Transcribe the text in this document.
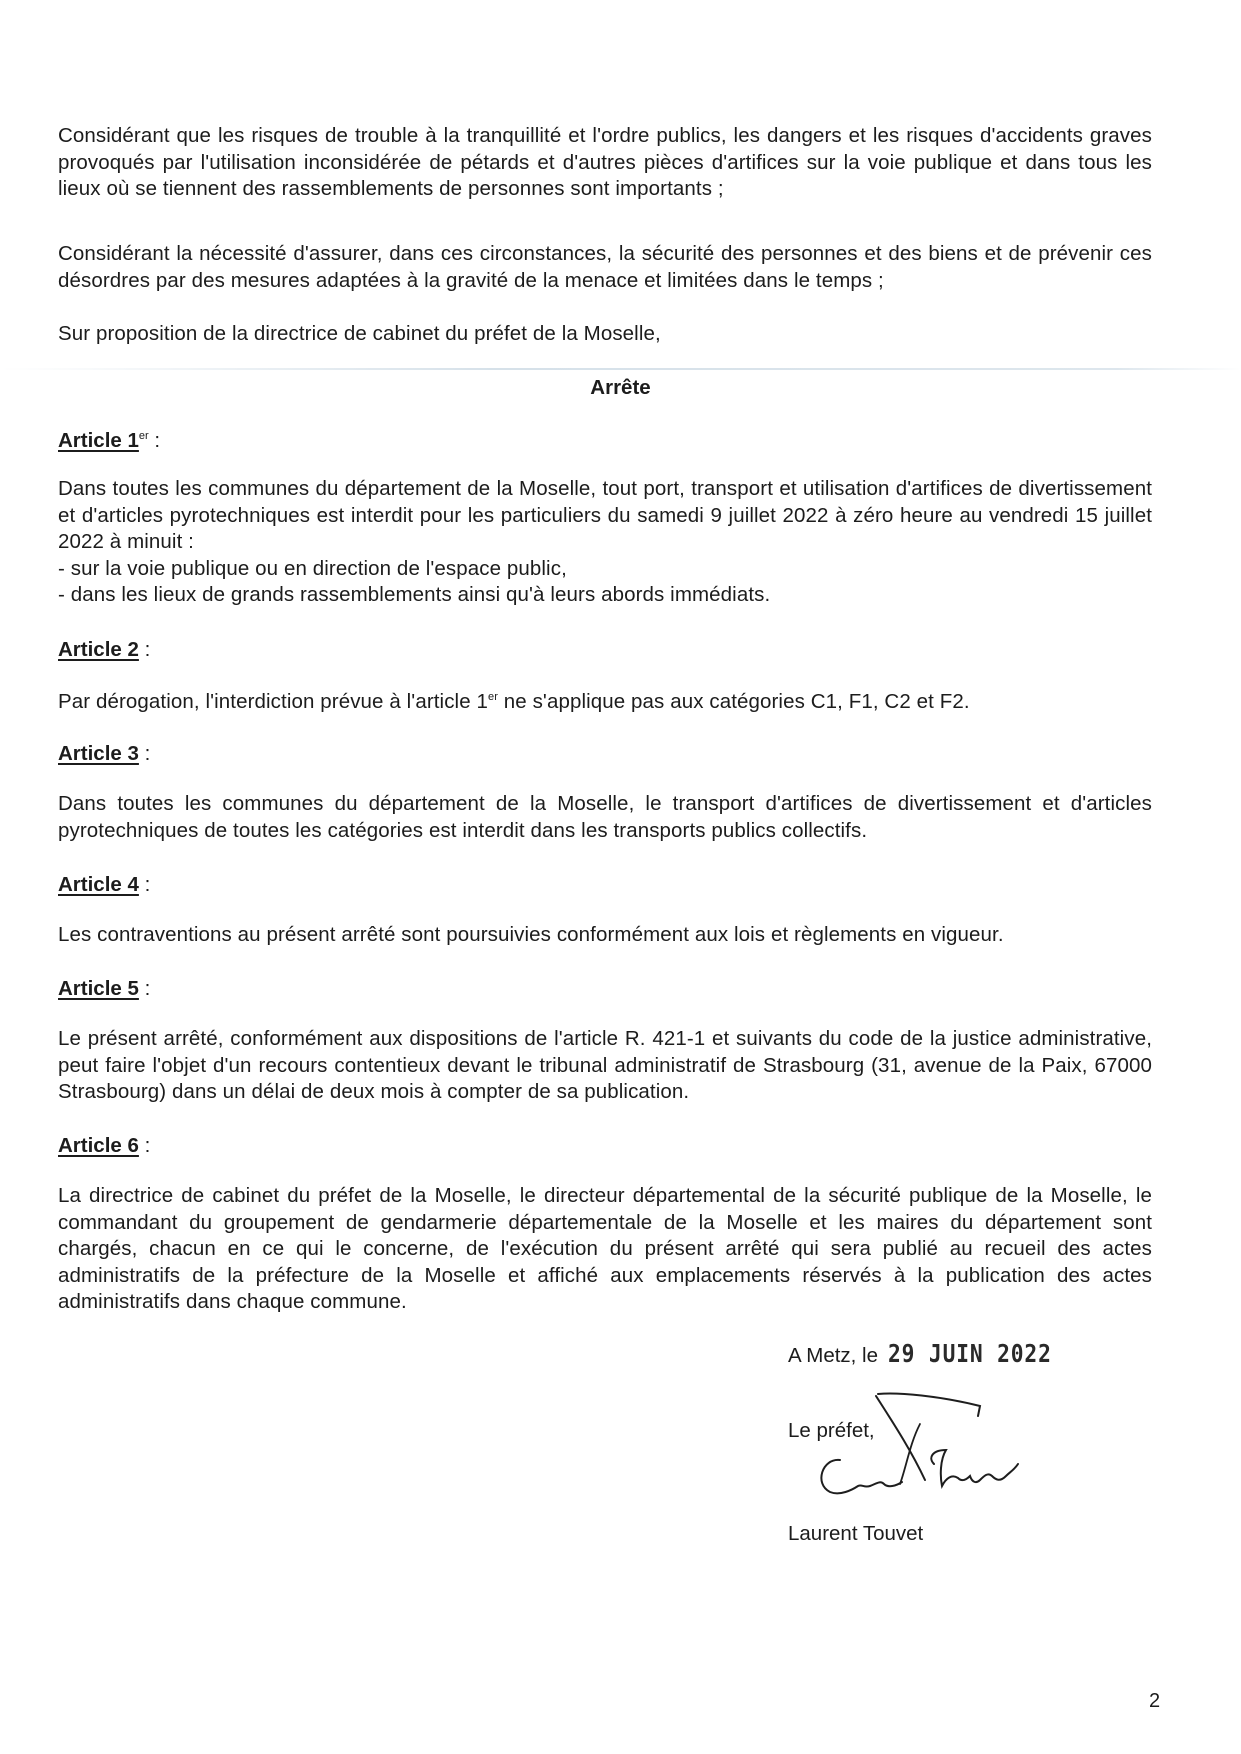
Considérant que les risques de trouble à la tranquillité et l'ordre publics, les dangers et les risques d'accidents graves provoqués par l'utilisation inconsidérée de pétards et d'autres pièces d'artifices sur la voie publique et dans tous les lieux où se tiennent des rassemblements de personnes sont importants ;

Considérant la nécessité d'assurer, dans ces circonstances, la sécurité des personnes et des biens et de prévenir ces désordres par des mesures adaptées à la gravité de la menace et limitées dans le temps ;

Sur proposition de la directrice de cabinet du préfet de la Moselle,

Arrête
Article 1er :

Dans toutes les communes du département de la Moselle, tout port, transport et utilisation d'artifices de divertissement et d'articles pyrotechniques est interdit pour les particuliers du samedi 9 juillet 2022 à zéro heure au vendredi 15 juillet 2022 à minuit :

- sur la voie publique ou en direction de l'espace public,

- dans les lieux de grands rassemblements ainsi qu'à leurs abords immédiats.

Article 2 :

Par dérogation, l'interdiction prévue à l'article 1er ne s'applique pas aux catégories C1, F1, C2 et F2.

Article 3 :

Dans toutes les communes du département de la Moselle, le transport d'artifices de divertissement et d'articles pyrotechniques de toutes les catégories est interdit dans les transports publics collectifs.

Article 4 :

Les contraventions au présent arrêté sont poursuivies conformément aux lois et règlements en vigueur.

Article 5 :

Le présent arrêté, conformément aux dispositions de l'article R. 421-1 et suivants du code de la justice administrative, peut faire l'objet d'un recours contentieux devant le tribunal administratif de Strasbourg (31, avenue de la Paix, 67000 Strasbourg) dans un délai de deux mois à compter de sa publication.

Article 6 :

La directrice de cabinet du préfet de la Moselle, le directeur départemental de la sécurité publique de la Moselle, le commandant du groupement de gendarmerie départementale de la Moselle et les maires du département sont chargés, chacun en ce qui le concerne, de l'exécution du présent arrêté qui sera publié au recueil des actes administratifs de la préfecture de la Moselle et affiché aux emplacements réservés à la publication des actes administratifs dans chaque commune.

A Metz, le 29 JUIN 2022
Le préfet,
Laurent Touvet
2
